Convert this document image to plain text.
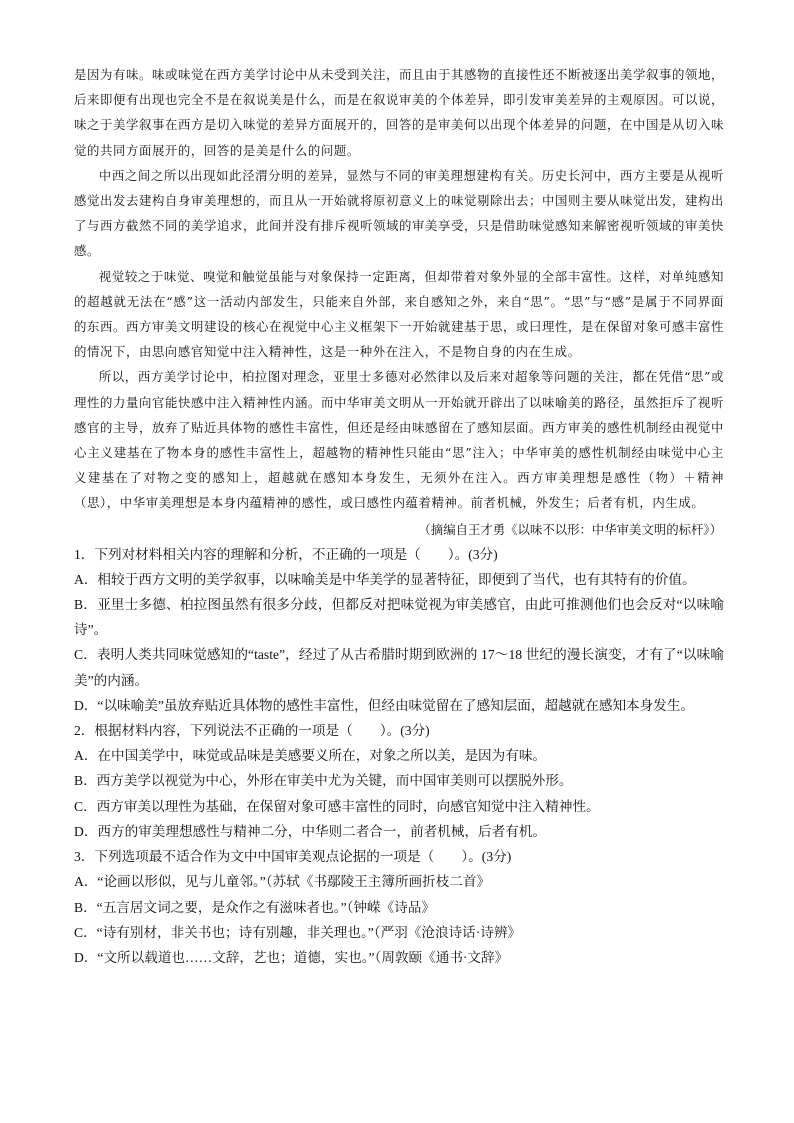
是因为有味。味或味觉在西方美学讨论中从未受到关注，而且由于其感物的直接性还不断被逐出美学叙事的领地，后来即便有出现也完全不是在叙说美是什么，而是在叙说审美的个体差异，即引发审美差异的主观原因。可以说，味之于美学叙事在西方是切入味觉的差异方面展开的，回答的是审美何以出现个体差异的问题，在中国是从切入味觉的共同方面展开的，回答的是美是什么的问题。

中西之间之所以出现如此泾渭分明的差异，显然与不同的审美理想建构有关。历史长河中，西方主要是从视听感觉出发去建构自身审美理想的，而且从一开始就将原初意义上的味觉剔除出去；中国则主要从味觉出发，建构出了与西方截然不同的美学追求，此间并没有排斥视听领域的审美享受，只是借助味觉感知来解密视听领域的审美快感。

视觉较之于味觉、嗅觉和触觉虽能与对象保持一定距离，但却带着对象外显的全部丰富性。这样，对单纯感知的超越就无法在“感”这一活动内部发生，只能来自外部，来自感知之外，来自“思”。“思”与“感”是属于不同界面的东西。西方审美文明建设的核心在视觉中心主义框架下一开始就建基于思，或曰理性，是在保留对象可感丰富性的情况下，由思向感官知觉中注入精神性，这是一种外在注入，不是物自身的内在生成。

所以，西方美学讨论中，柏拉图对理念，亚里士多德对必然律以及后来对超象等问题的关注，都在凭借“思”或理性的力量向官能快感中注入精神性内涵。而中华审美文明从一开始就开辟出了以味喻美的路径，虽然拒斥了视听感官的主导，放弃了贴近具体物的感性丰富性，但还是经由味感留在了感知层面。西方审美的感性机制经由视觉中心主义建基在了物本身的感性丰富性上，超越物的精神性只能由“思”注入；中华审美的感性机制经由味觉中心主义建基在了对物之变的感知上，超越就在感知本身发生，无须外在注入。西方审美理想是感性（物）＋精神（思），中华审美理想是本身内蕴精神的感性，或曰感性内蕴着精神。前者机械，外发生；后者有机，内生成。

（摘编自王才勇《以味不以形：中华审美文明的标杆》）

1．下列对材料相关内容的理解和分析，不正确的一项是（　　）。(3分)

A．相较于西方文明的美学叙事，以味喻美是中华美学的显著特征，即便到了当代，也有其特有的价值。

B．亚里士多德、柏拉图虽然有很多分歧，但都反对把味觉视为审美感官，由此可推测他们也会反对“以味喻诗”。

C．表明人类共同味觉感知的“taste”，经过了从古希腊时期到欧洲的 17～18 世纪的漫长演变，才有了“以味喻美”的内涵。

D．“以味喻美”虽放弃贴近具体物的感性丰富性，但经由味觉留在了感知层面，超越就在感知本身发生。

2．根据材料内容，下列说法不正确的一项是（　　）。(3分)

A．在中国美学中，味觉或品味是美感要义所在，对象之所以美，是因为有味。

B．西方美学以视觉为中心，外形在审美中尤为关键，而中国审美则可以摆脱外形。

C．西方审美以理性为基础，在保留对象可感丰富性的同时，向感官知觉中注入精神性。

D．西方的审美理想感性与精神二分，中华则二者合一，前者机械，后者有机。

3．下列选项最不适合作为文中中国审美观点论据的一项是（　　）。(3分)

A．“论画以形似，见与儿童邻。”（苏轼《书鄢陵王主簿所画折枝二首》

B．“五言居文词之要，是众作之有滋味者也。”（钟嵘《诗品》

C．“诗有别材，非关书也；诗有别趣，非关理也。”（严羽《沧浪诗话·诗辨》

D．“文所以载道也……文辞，艺也；道德，实也。”（周敦颐《通书·文辞》
